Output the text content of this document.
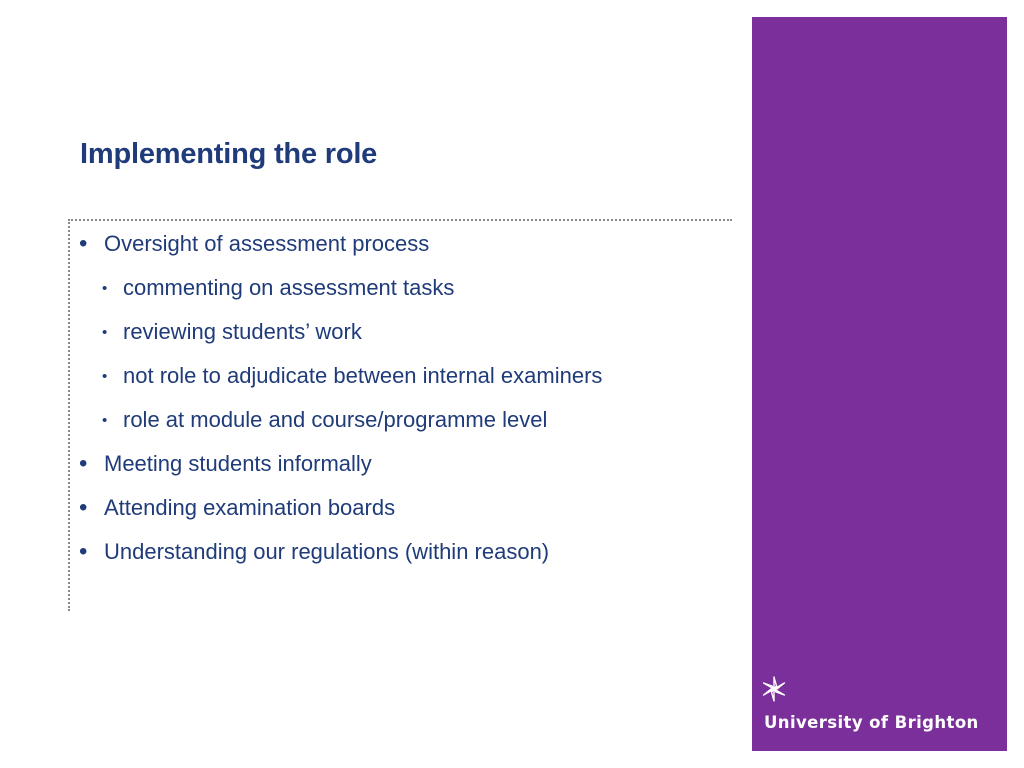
Implementing the role
• Oversight of assessment process
• commenting on assessment tasks
• reviewing students’ work
• not role to adjudicate between internal examiners
• role at module and course/programme level
• Meeting students informally
• Attending examination boards
• Understanding our regulations (within reason)
University of Brighton
